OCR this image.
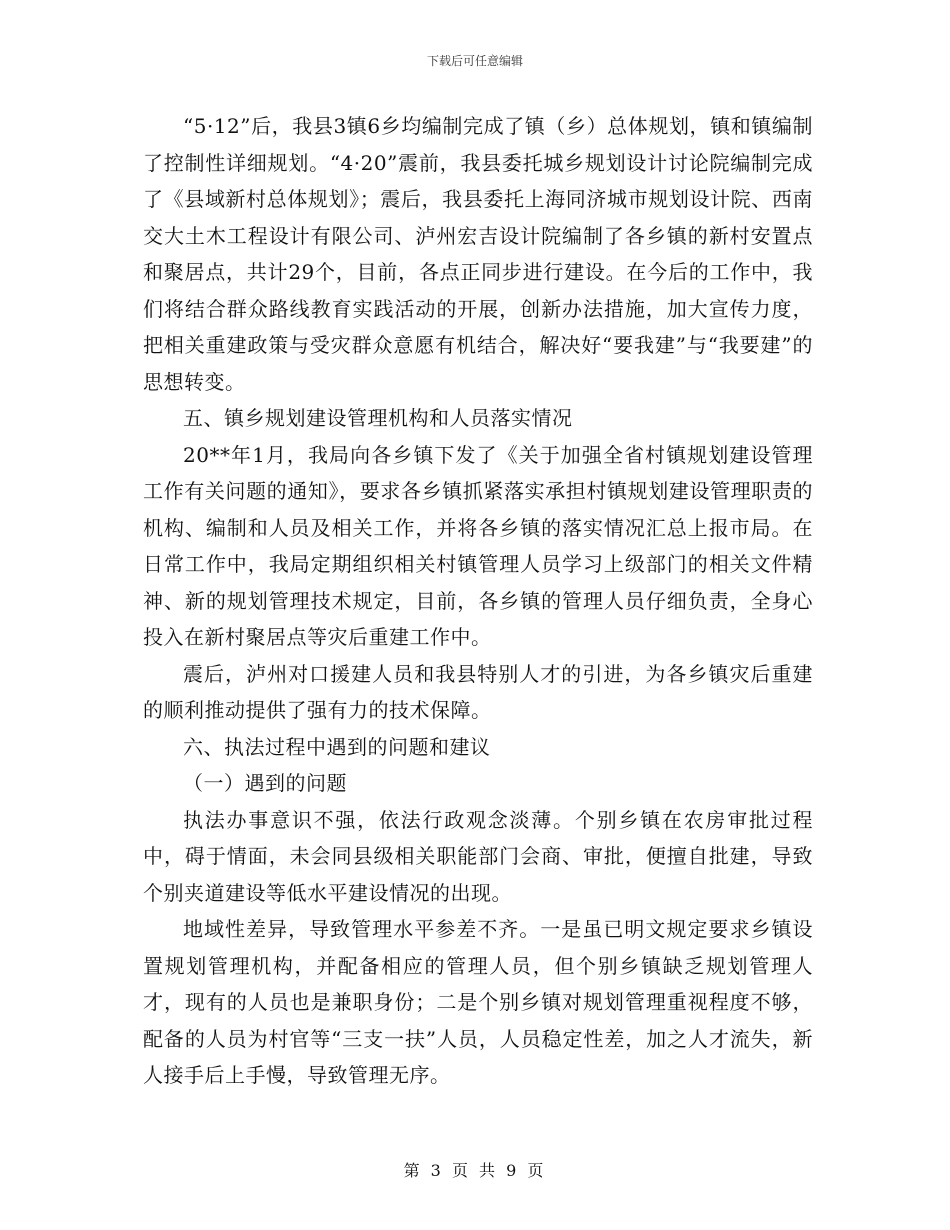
下载后可任意编辑

“5·12”后，我县3镇6乡均编制完成了镇（乡）总体规划，镇和镇编制了控制性详细规划。“4·20”震前，我县委托城乡规划设计讨论院编制完成了《县域新村总体规划》；震后，我县委托上海同济城市规划设计院、西南交大土木工程设计有限公司、泸州宏吉设计院编制了各乡镇的新村安置点和聚居点，共计29个，目前，各点正同步进行建设。在今后的工作中，我们将结合群众路线教育实践活动的开展，创新办法措施，加大宣传力度，把相关重建政策与受灾群众意愿有机结合，解决好“要我建”与“我要建”的思想转变。

五、镇乡规划建设管理机构和人员落实情况

20**年1月，我局向各乡镇下发了《关于加强全省村镇规划建设管理工作有关问题的通知》，要求各乡镇抓紧落实承担村镇规划建设管理职责的机构、编制和人员及相关工作，并将各乡镇的落实情况汇总上报市局。在日常工作中，我局定期组织相关村镇管理人员学习上级部门的相关文件精神、新的规划管理技术规定，目前，各乡镇的管理人员仔细负责，全身心投入在新村聚居点等灾后重建工作中。

震后，泸州对口援建人员和我县特别人才的引进，为各乡镇灾后重建的顺利推动提供了强有力的技术保障。

六、执法过程中遇到的问题和建议

（一）遇到的问题

执法办事意识不强，依法行政观念淡薄。个别乡镇在农房审批过程中，碍于情面，未会同县级相关职能部门会商、审批，便擅自批建，导致个别夹道建设等低水平建设情况的出现。

地域性差异，导致管理水平参差不齐。一是虽已明文规定要求乡镇设置规划管理机构，并配备相应的管理人员，但个别乡镇缺乏规划管理人才，现有的人员也是兼职身份；二是个别乡镇对规划管理重视程度不够，配备的人员为村官等“三支一扶”人员，人员稳定性差，加之人才流失，新人接手后上手慢，导致管理无序。

第 3 页 共 9 页
